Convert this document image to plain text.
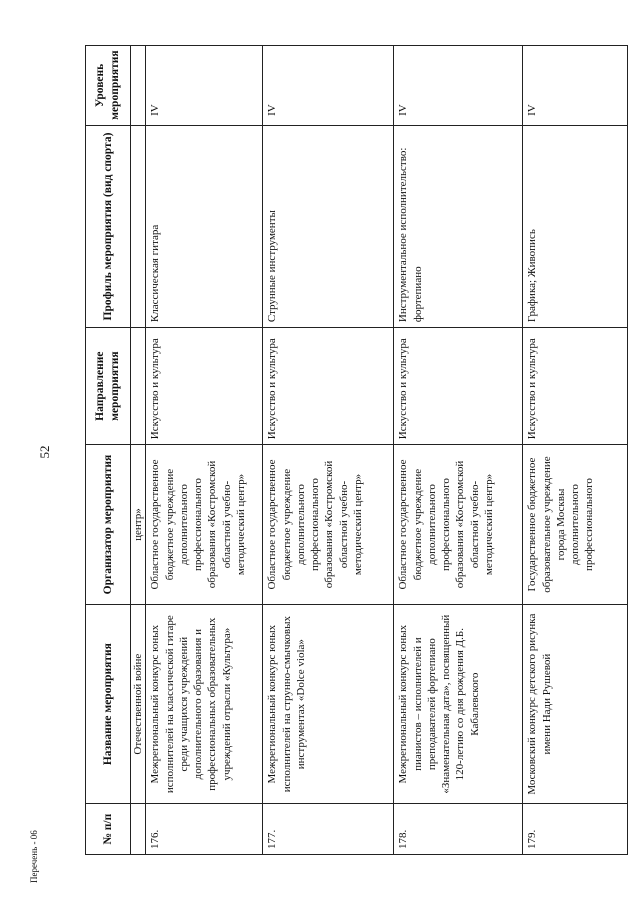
52
№ п/п	Название мероприятия	Организатор мероприятия	Направление мероприятия	Профиль мероприятия (вид спорта)	Уровень мероприятия
	Отечественной войне	центр»			
176.	Межрегиональный конкурс юных исполнителей на классической гитаре среди учащихся учреждений дополнительного образования и профессиональных образовательных учреждений отрасли «Культура»	Областное государственное бюджетное учреждение дополнительного профессионального образования «Костромской областной учебно-методический центр»	Искусство и культура	Классическая гитара	IV
177.	Межрегиональный конкурс юных исполнителей на струнно-смычковых инструментах «Dolce viola»	Областное государственное бюджетное учреждение дополнительного профессионального образования «Костромской областной учебно-методический центр»	Искусство и культура	Струнные инструменты	IV
178.	Межрегиональный конкурс юных пианистов – исполнителей и преподавателей фортепиано «Знаменательная дата», посвященный 120-летию со дня рождения Д.Б. Кабалевского	Областное государственное бюджетное учреждение дополнительного профессионального образования «Костромской областной учебно-методический центр»	Искусство и культура	Инструментальное исполнительство: фортепиано	IV
179.	Московский конкурс детского рисунка имени Нади Рушевой	Государственное бюджетное образовательное учреждение города Москвы дополнительного профессионального	Искусство и культура	Графика; Живопись	IV
Перечень - 06
